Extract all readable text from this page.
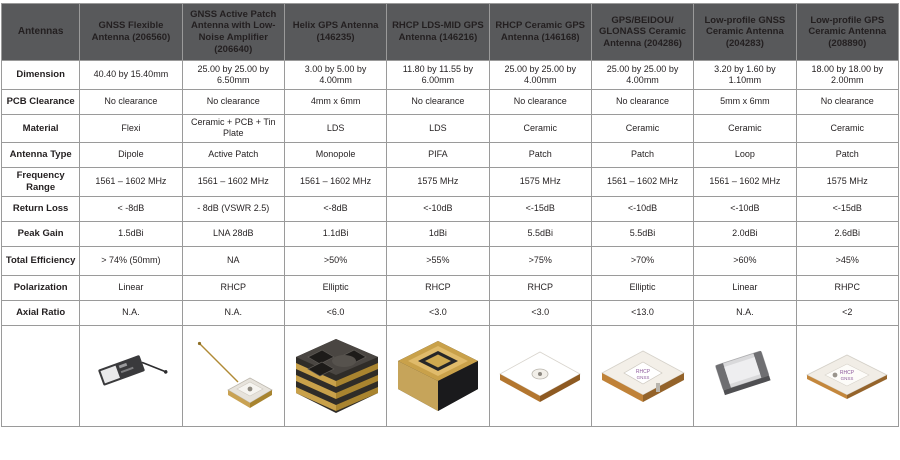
Antennas	GNSS Flexible Antenna (206560)	GNSS Active Patch Antenna with Low-Noise Amplifier (206640)	Helix GPS Antenna (146235)	RHCP LDS-MID GPS Antenna (146216)	RHCP Ceramic GPS Antenna (146168)	GPS/BEIDOU/ GLONASS Ceramic Antenna (204286)	Low-profile GNSS Ceramic Antenna (204283)	Low-profile GPS Ceramic Antenna (208890)
Dimension	40.40 by 15.40mm	25.00 by 25.00 by 6.50mm	3.00 by 5.00 by 4.00mm	11.80 by 11.55 by 6.00mm	25.00 by 25.00 by 4.00mm	25.00 by 25.00 by 4.00mm	3.20 by 1.60 by 1.10mm	18.00 by 18.00 by 2.00mm
PCB Clearance	No clearance	No clearance	4mm x 6mm	No clearance	No clearance	No clearance	5mm x 6mm	No clearance
Material	Flexi	Ceramic + PCB + Tin Plate	LDS	LDS	Ceramic	Ceramic	Ceramic	Ceramic
Antenna Type	Dipole	Active Patch	Monopole	PIFA	Patch	Patch	Loop	Patch
Frequency Range	1561 – 1602 MHz	1561 – 1602 MHz	1561 – 1602 MHz	1575 MHz	1575 MHz	1561 – 1602 MHz	1561 – 1602 MHz	1575 MHz
Return Loss	< -8dB	- 8dB (VSWR 2.5)	<-8dB	<-10dB	<-15dB	<-10dB	<-10dB	<-15dB
Peak Gain	1.5dBi	LNA 28dB	1.1dBi	1dBi	5.5dBi	5.5dBi	2.0dBi	2.6dBi
Total Efficiency	> 74% (50mm)	NA	>50%	>55%	>75%	>70%	>60%	>45%
Polarization	Linear	RHCP	Elliptic	RHCP	RHCP	Elliptic	Linear	RHPC
Axial Ratio	N.A.	N.A.	<6.0	<3.0	<3.0	<13.0	N.A.	<2

RHCP
GNSS		RHCP
GNSS
